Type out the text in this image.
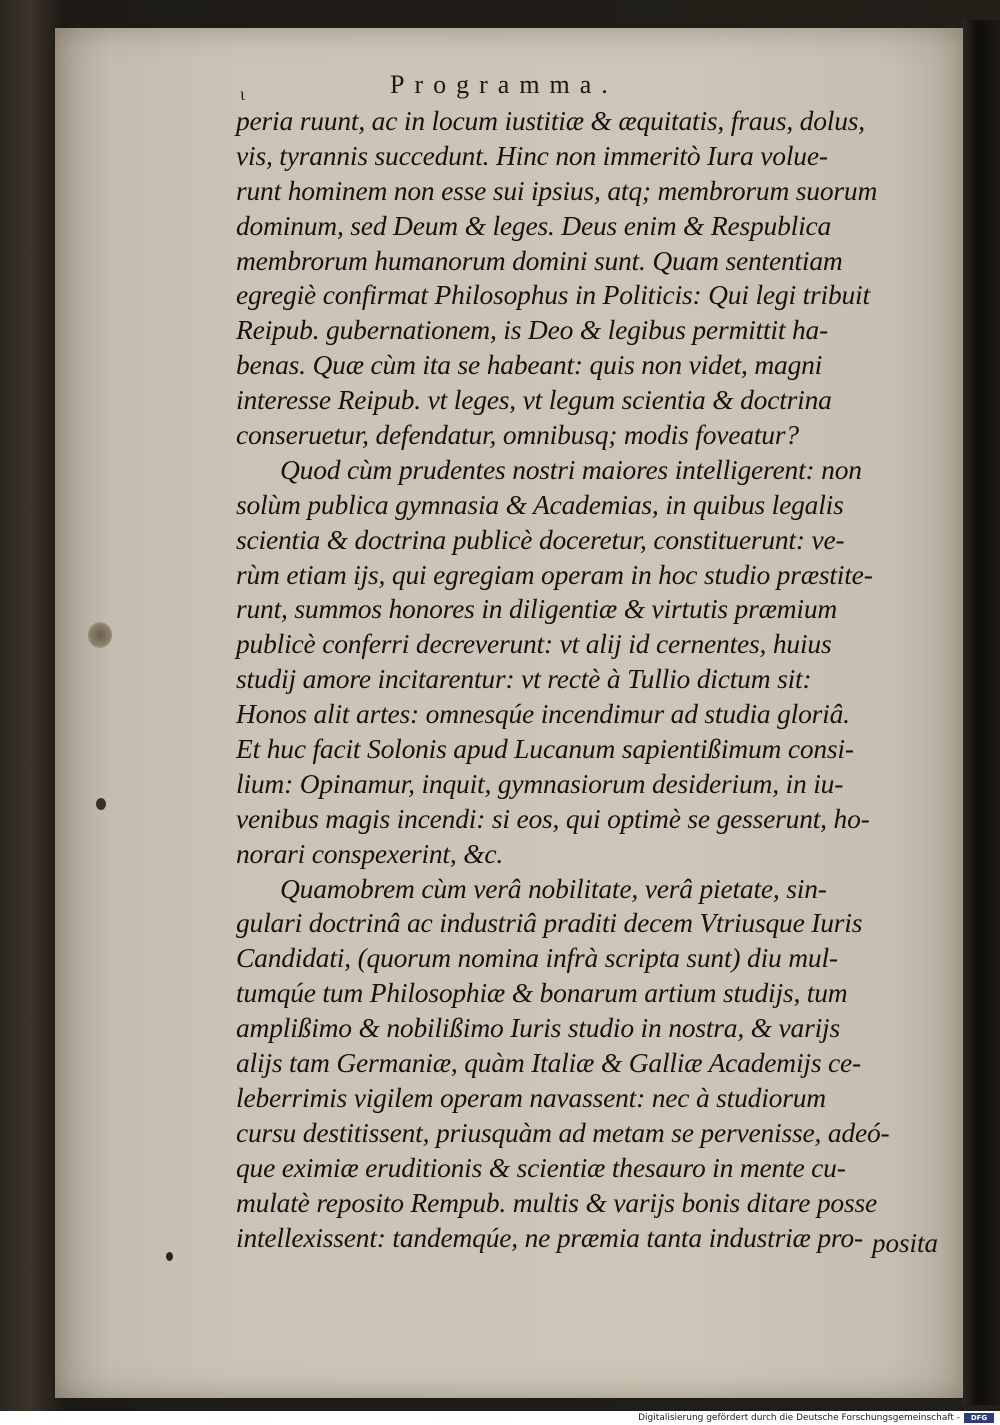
ɩ	Programma.
peria ruunt, ac in locum iustitiæ & æquitatis, fraus, dolus,
vis, tyrannis succedunt. Hinc non immeritò Iura volue-
runt hominem non esse sui ipsius, atq; membrorum suorum
dominum, sed Deum & leges. Deus enim & Respublica
membrorum humanorum domini sunt. Quam sententiam
egregiè confirmat Philosophus in Politicis: Qui legi tribuit
Reipub. gubernationem, is Deo & legibus permittit ha-
benas. Quæ cùm ita se habeant: quis non videt, magni
interesse Reipub. vt leges, vt legum scientia & doctrina
conseruetur, defendatur, omnibusq; modis foveatur?
Quod cùm prudentes nostri maiores intelligerent: non
solùm publica gymnasia & Academias, in quibus legalis
scientia & doctrina publicè doceretur, constituerunt: ve-
rùm etiam ijs, qui egregiam operam in hoc studio præstite-
runt, summos honores in diligentiæ & virtutis præmium
publicè conferri decreverunt: vt alij id cernentes, huius
studij amore incitarentur: vt rectè à Tullio dictum sit:
Honos alit artes: omnesqúe incendimur ad studia gloriâ.
Et huc facit Solonis apud Lucanum sapientißimum consi-
lium: Opinamur, inquit, gymnasiorum desiderium, in iu-
venibus magis incendi: si eos, qui optimè se gesserunt, ho-
norari conspexerint, &c.
Quamobrem cùm verâ nobilitate, verâ pietate, sin-
gulari doctrinâ ac industriâ praditi decem Vtriusque Iuris
Candidati, (quorum nomina infrà scripta sunt) diu mul-
tumqúe tum Philosophiæ & bonarum artium studijs, tum
amplißimo & nobilißimo Iuris studio in nostra, & varijs
alijs tam Germaniæ, quàm Italiæ & Galliæ Academijs ce-
leberrimis vigilem operam navassent: nec à studiorum
cursu destitissent, priusquàm ad metam se pervenisse, adeó-
que eximiæ eruditionis & scientiæ thesauro in mente cu-
mulatè reposito Rempub. multis & varijs bonis ditare posse
intellexissent: tandemqúe, ne præmia tanta industriæ pro- posita
Digitalisierung gefördert durch die Deutsche Forschungsgemeinschaft -	DFG
